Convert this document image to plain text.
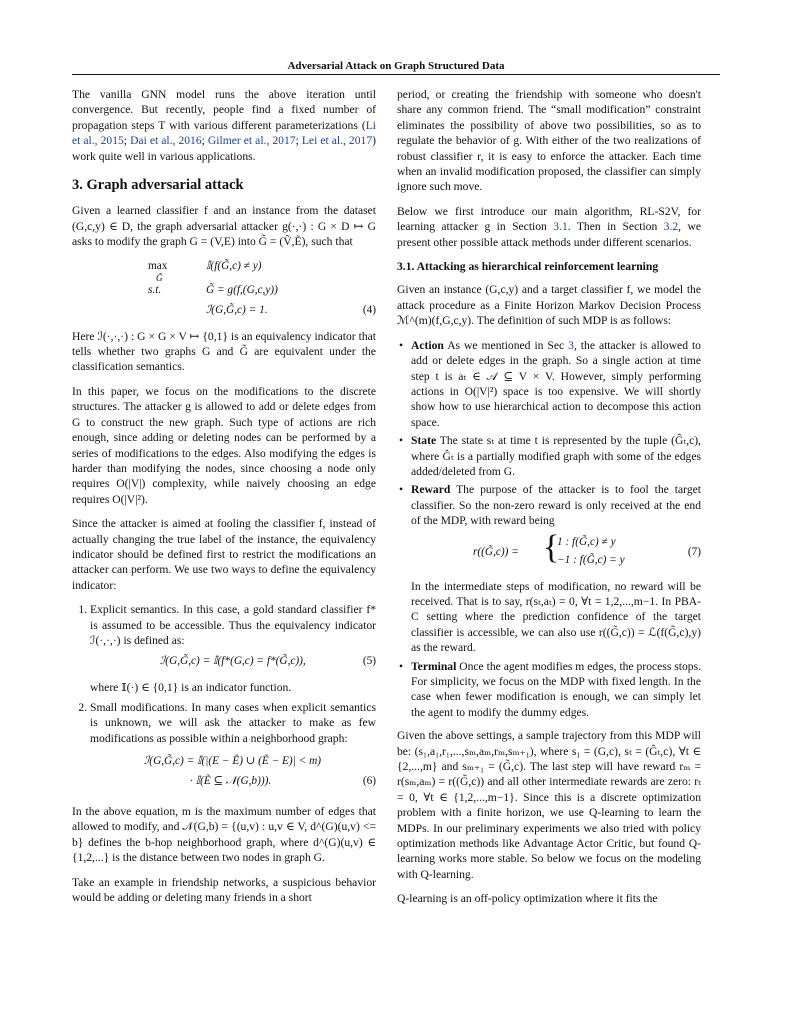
Adversarial Attack on Graph Structured Data

The vanilla GNN model runs the above iteration until convergence. But recently, people find a fixed number of propagation steps T with various different parameterizations (Li et al., 2015; Dai et al., 2016; Gilmer et al., 2017; Lei et al., 2017) work quite well in various applications.

3. Graph adversarial attack

Given a learned classifier f and an instance from the dataset (G,c,y) ∈ D, the graph adversarial attacker g(·,·) : G × D ↦ G asks to modify the graph G = (V,E) into G̃ = (Ṽ,Ẽ), such that

max
G̃
𝕀(f(G̃,c) ≠ y)
s.t.	G̃ = g(f,(G,c,y))
ℐ(G,G̃,c) = 1.	(4)

Here ℐ(·,·,·) : G × G × V ↦ {0,1} is an equivalency indicator that tells whether two graphs G and G̃ are equivalent under the classification semantics.

In this paper, we focus on the modifications to the discrete structures. The attacker g is allowed to add or delete edges from G to construct the new graph. Such type of actions are rich enough, since adding or deleting nodes can be performed by a series of modifications to the edges. Also modifying the edges is harder than modifying the nodes, since choosing a node only requires O(|V|) complexity, while naively choosing an edge requires O(|V|²).

Since the attacker is aimed at fooling the classifier f, instead of actually changing the true label of the instance, the equivalency indicator should be defined first to restrict the modifications an attacker can perform. We use two ways to define the equivalency indicator:

1. Explicit semantics. In this case, a gold standard classifier f* is assumed to be accessible. Thus the equivalency indicator ℐ(·,·,·) is defined as:
ℐ(G,G̃,c) = 𝕀(f*(G,c) = f*(G̃,c)),	(5)
where 𝕀(·) ∈ {0,1} is an indicator function.
2. Small modifications. In many cases when explicit semantics is unknown, we will ask the attacker to make as few modifications as possible within a neighborhood graph:
ℐ(G,G̃,c) = 𝕀(|(E − Ẽ) ∪ (Ẽ − E)| < m)
· 𝕀(Ẽ ⊆ 𝒩(G,b))).	(6)

In the above equation, m is the maximum number of edges that allowed to modify, and 𝒩(G,b) = {(u,v) : u,v ∈ V, d^(G)(u,v) <= b} defines the b-hop neighborhood graph, where d^(G)(u,v) ∈ {1,2,...} is the distance between two nodes in graph G.

Take an example in friendship networks, a suspicious behavior would be adding or deleting many friends in a short

period, or creating the friendship with someone who doesn't share any common friend. The “small modification” constraint eliminates the possibility of above two possibilities, so as to regulate the behavior of g. With either of the two realizations of robust classifier r, it is easy to enforce the attacker. Each time when an invalid modification proposed, the classifier can simply ignore such move.

Below we first introduce our main algorithm, RL-S2V, for learning attacker g in Section 3.1. Then in Section 3.2, we present other possible attack methods under different scenarios.

3.1. Attacking as hierarchical reinforcement learning

Given an instance (G,c,y) and a target classifier f, we model the attack procedure as a Finite Horizon Markov Decision Process ℳ^(m)(f,G,c,y). The definition of such MDP is as follows:

• Action As we mentioned in Sec 3, the attacker is allowed to add or delete edges in the graph. So a single action at time step t is aₜ ∈ 𝒜 ⊆ V × V. However, simply performing actions in O(|V|²) space is too expensive. We will shortly show how to use hierarchical action to decompose this action space.
• State The state sₜ at time t is represented by the tuple (Ĝₜ,c), where Ĝₜ is a partially modified graph with some of the edges added/deleted from G.
• Reward The purpose of the attacker is to fool the target classifier. So the non-zero reward is only received at the end of the MDP, with reward being
r((G̃,c)) = {
1 : f(G̃,c) ≠ y
−1 : f(G̃,c) = y
(7)
In the intermediate steps of modification, no reward will be received. That is to say, r(sₜ,aₜ) = 0, ∀t = 1,2,...,m−1. In PBA-C setting where the prediction confidence of the target classifier is accessible, we can also use r((G̃,c)) = ℒ(f(G̃,c),y) as the reward.
• Terminal Once the agent modifies m edges, the process stops. For simplicity, we focus on the MDP with fixed length. In the case when fewer modification is enough, we can simply let the agent to modify the dummy edges.

Given the above settings, a sample trajectory from this MDP will be: (s₁,a₁,r₁,...,sₘ,aₘ,rₘ,sₘ₊₁), where s₁ = (G,c), sₜ = (Ĝₜ,c), ∀t ∈ {2,...,m} and sₘ₊₁ = (G̃,c). The last step will have reward rₘ = r(sₘ,aₘ) = r((G̃,c)) and all other intermediate rewards are zero: rₜ = 0, ∀t ∈ {1,2,...,m−1}. Since this is a discrete optimization problem with a finite horizon, we use Q-learning to learn the MDPs. In our preliminary experiments we also tried with policy optimization methods like Advantage Actor Critic, but found Q-learning works more stable. So below we focus on the modeling with Q-learning.

Q-learning is an off-policy optimization where it fits the
